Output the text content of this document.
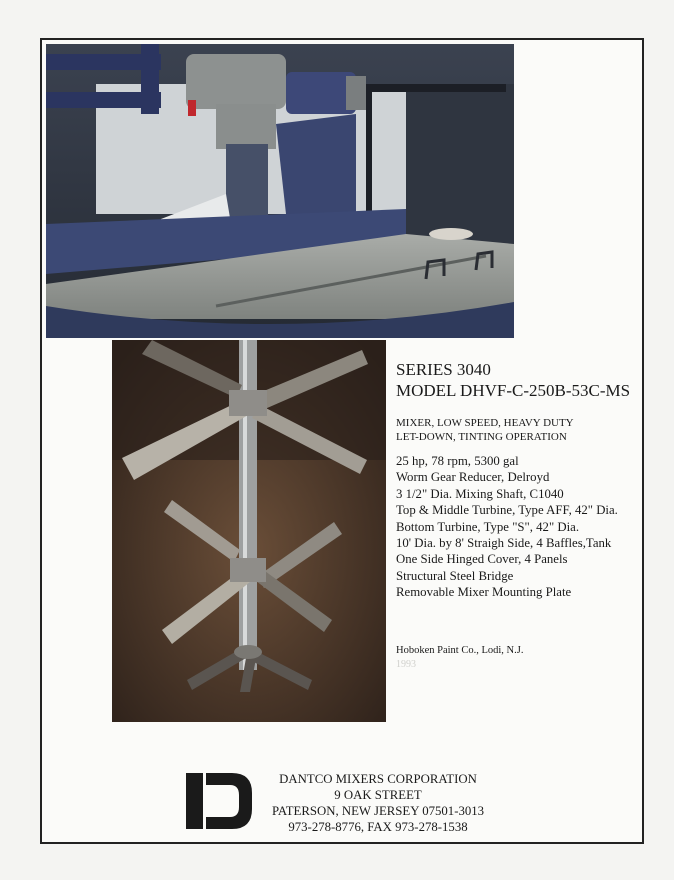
SERIES 3040

MODEL DHVF-C-250B-53C-MS

MIXER, LOW SPEED, HEAVY DUTY
LET-DOWN, TINTING OPERATION
25 hp, 78 rpm, 5300 gal
Worm Gear Reducer, Delroyd
3 1/2" Dia. Mixing Shaft, C1040
Top & Middle Turbine, Type AFF, 42" Dia.
Bottom Turbine, Type "S", 42" Dia.
10' Dia. by 8' Straigh Side, 4 Baffles,Tank
One Side Hinged Cover, 4 Panels
Structural Steel Bridge
Removable Mixer Mounting Plate
Hoboken Paint Co., Lodi, N.J.
1993
DANTCO MIXERS CORPORATION
9 OAK STREET
PATERSON, NEW JERSEY 07501-3013
973-278-8776, FAX 973-278-1538
